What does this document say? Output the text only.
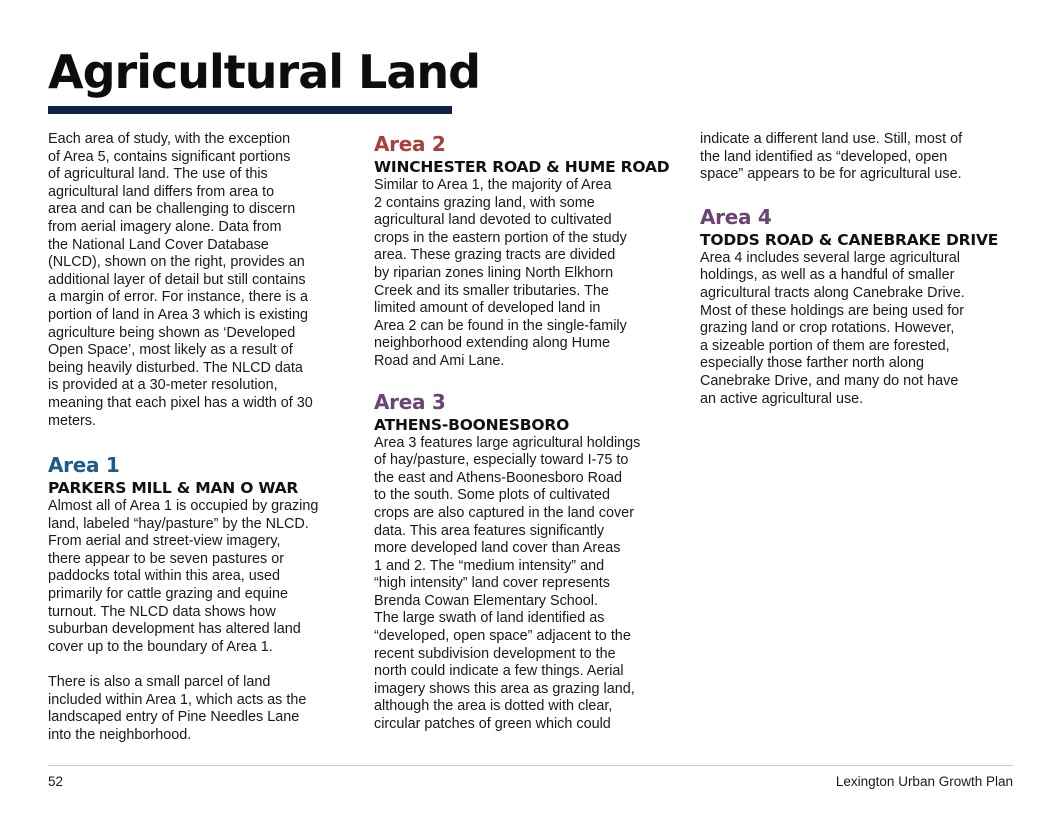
Agricultural Land

Each area of study, with the exception
of Area 5, contains significant portions
of agricultural land. The use of this
agricultural land differs from area to
area and can be challenging to discern
from aerial imagery alone. Data from
the National Land Cover Database
(NLCD), shown on the right, provides an
additional layer of detail but still contains
a margin of error. For instance, there is a
portion of land in Area 3 which is existing
agriculture being shown as ‘Developed
Open Space’, most likely as a result of
being heavily disturbed. The NLCD data
is provided at a 30-meter resolution,
meaning that each pixel has a width of 30
meters.

Area 1
PARKERS MILL & MAN O WAR

Almost all of Area 1 is occupied by grazing
land, labeled “hay/pasture” by the NLCD.
From aerial and street-view imagery,
there appear to be seven pastures or
paddocks total within this area, used
primarily for cattle grazing and equine
turnout. The NLCD data shows how
suburban development has altered land
cover up to the boundary of Area 1.

There is also a small parcel of land
included within Area 1, which acts as the
landscaped entry of Pine Needles Lane
into the neighborhood.

Area 2
WINCHESTER ROAD & HUME ROAD

Similar to Area 1, the majority of Area
2 contains grazing land, with some
agricultural land devoted to cultivated
crops in the eastern portion of the study
area. These grazing tracts are divided
by riparian zones lining North Elkhorn
Creek and its smaller tributaries. The
limited amount of developed land in
Area 2 can be found in the single-family
neighborhood extending along Hume
Road and Ami Lane.

Area 3
ATHENS-BOONESBORO

Area 3 features large agricultural holdings
of hay/pasture, especially toward I-75 to
the east and Athens-Boonesboro Road
to the south. Some plots of cultivated
crops are also captured in the land cover
data. This area features significantly
more developed land cover than Areas
1 and 2. The “medium intensity” and
“high intensity” land cover represents
Brenda Cowan Elementary School.
The large swath of land identified as
“developed, open space” adjacent to the
recent subdivision development to the
north could indicate a few things. Aerial
imagery shows this area as grazing land,
although the area is dotted with clear,
circular patches of green which could

indicate a different land use. Still, most of
the land identified as “developed, open
space” appears to be for agricultural use.

Area 4
TODDS ROAD & CANEBRAKE DRIVE

Area 4 includes several large agricultural
holdings, as well as a handful of smaller
agricultural tracts along Canebrake Drive.
Most of these holdings are being used for
grazing land or crop rotations. However,
a sizeable portion of them are forested,
especially those farther north along
Canebrake Drive, and many do not have
an active agricultural use.

52	Lexington Urban Growth Plan
